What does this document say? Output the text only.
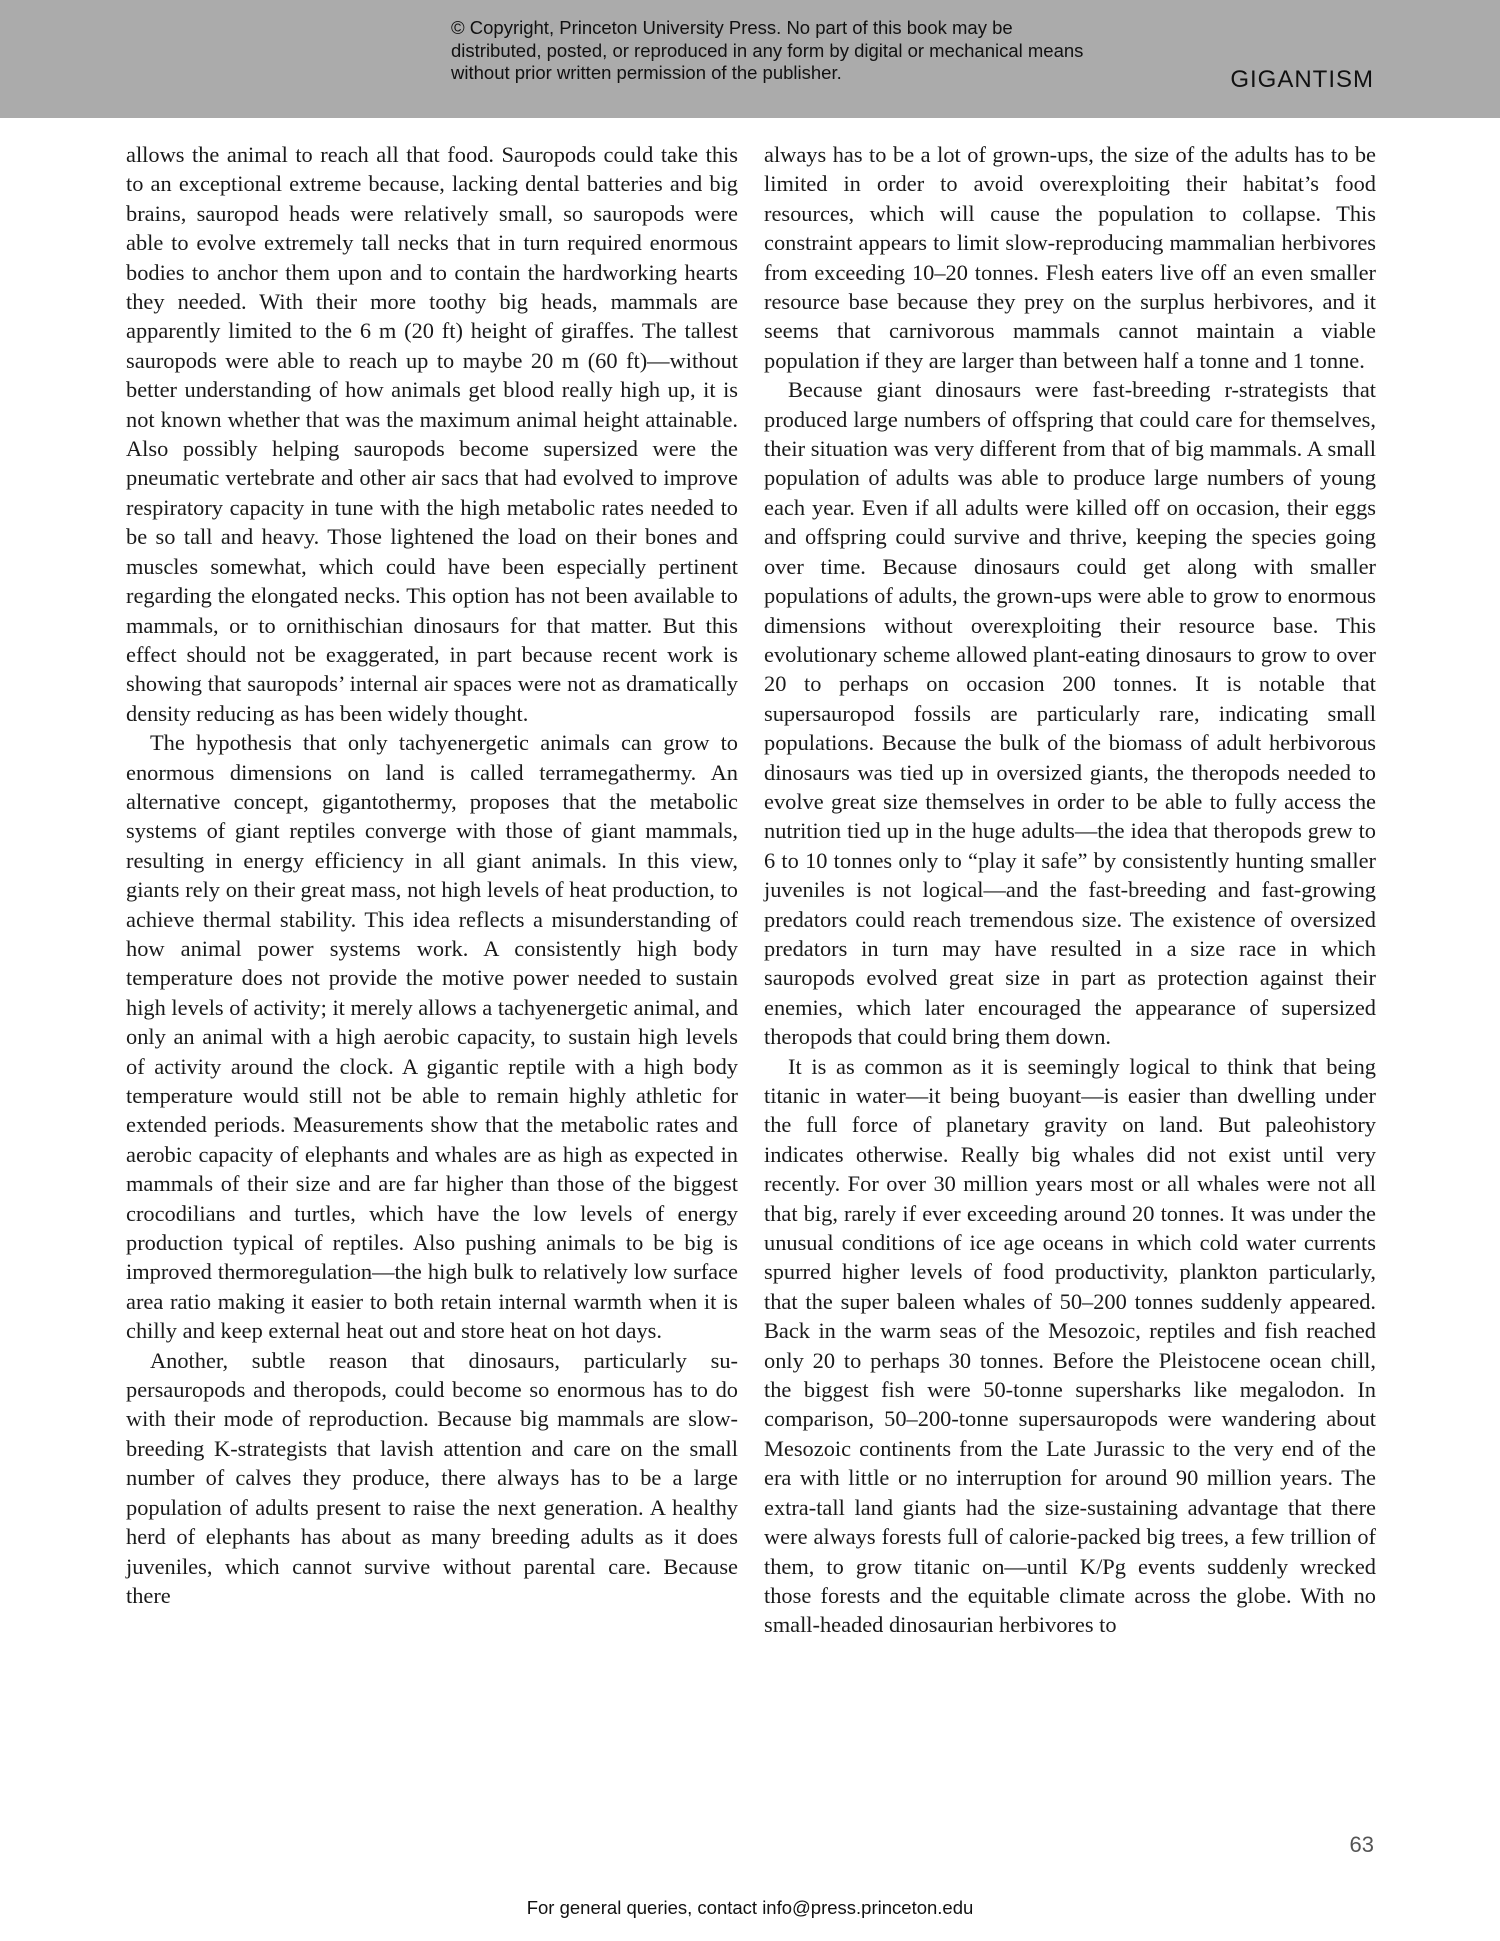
© Copyright, Princeton University Press. No part of this book may be distributed, posted, or reproduced in any form by digital or mechanical means without prior written permission of the publisher.	GIGANTISM

allows the animal to reach all that food. Sauropods could take this to an exceptional extreme because, lacking dental batteries and big brains, sauropod heads were relatively small, so sauropods were able to evolve extremely tall necks that in turn required enormous bodies to anchor them upon and to contain the hardworking hearts they needed. With their more toothy big heads, mammals are apparently limited to the 6 m (20 ft) height of giraffes. The tallest sauropods were able to reach up to maybe 20 m (60 ft)—without better understanding of how animals get blood really high up, it is not known whether that was the maximum animal height attainable. Also possibly helping sauropods become supersized were the pneumatic vertebrate and other air sacs that had evolved to improve respiratory capacity in tune with the high metabolic rates needed to be so tall and heavy. Those lightened the load on their bones and muscles somewhat, which could have been especially pertinent regarding the elongated necks. This option has not been available to mammals, or to ornithischian dinosaurs for that matter. But this effect should not be exaggerated, in part because recent work is showing that sauropods’ internal air spaces were not as dramatically density reducing as has been widely thought.

The hypothesis that only tachyenergetic animals can grow to enormous dimensions on land is called terramegathermy. An alternative concept, gigantothermy, proposes that the metabolic systems of giant reptiles converge with those of giant mammals, resulting in energy efficiency in all giant animals. In this view, giants rely on their great mass, not high levels of heat production, to achieve thermal stability. This idea reflects a misunderstanding of how animal power systems work. A consistently high body temperature does not provide the motive power needed to sustain high levels of activity; it merely allows a tachyenergetic animal, and only an animal with a high aerobic capacity, to sustain high levels of activity around the clock. A gigantic reptile with a high body temperature would still not be able to remain highly athletic for extended periods. Measurements show that the metabolic rates and aerobic capacity of elephants and whales are as high as expected in mammals of their size and are far higher than those of the biggest crocodilians and turtles, which have the low levels of energy production typical of reptiles. Also pushing animals to be big is improved thermoregulation—the high bulk to relatively low surface area ratio making it easier to both retain internal warmth when it is chilly and keep external heat out and store heat on hot days.

Another, subtle reason that dinosaurs, particularly supersauropods and theropods, could become so enormous has to do with their mode of reproduction. Because big mammals are slow-breeding K-strategists that lavish attention and care on the small number of calves they produce, there always has to be a large population of adults present to raise the next generation. A healthy herd of elephants has about as many breeding adults as it does juveniles, which cannot survive without parental care. Because there

always has to be a lot of grown-ups, the size of the adults has to be limited in order to avoid overexploiting their habitat’s food resources, which will cause the population to collapse. This constraint appears to limit slow-reproducing mammalian herbivores from exceeding 10–20 tonnes. Flesh eaters live off an even smaller resource base because they prey on the surplus herbivores, and it seems that carnivorous mammals cannot maintain a viable population if they are larger than between half a tonne and 1 tonne.

Because giant dinosaurs were fast-breeding r-strategists that produced large numbers of offspring that could care for themselves, their situation was very different from that of big mammals. A small population of adults was able to produce large numbers of young each year. Even if all adults were killed off on occasion, their eggs and offspring could survive and thrive, keeping the species going over time. Because dinosaurs could get along with smaller populations of adults, the grown-ups were able to grow to enormous dimensions without overexploiting their resource base. This evolutionary scheme allowed plant-eating dinosaurs to grow to over 20 to perhaps on occasion 200 tonnes. It is notable that supersauropod fossils are particularly rare, indicating small populations. Because the bulk of the biomass of adult herbivorous dinosaurs was tied up in oversized giants, the theropods needed to evolve great size themselves in order to be able to fully access the nutrition tied up in the huge adults—the idea that theropods grew to 6 to 10 tonnes only to “play it safe” by consistently hunting smaller juveniles is not logical—and the fast-breeding and fast-growing predators could reach tremendous size. The existence of oversized predators in turn may have resulted in a size race in which sauropods evolved great size in part as protection against their enemies, which later encouraged the appearance of supersized theropods that could bring them down.

It is as common as it is seemingly logical to think that being titanic in water—it being buoyant—is easier than dwelling under the full force of planetary gravity on land. But paleohistory indicates otherwise. Really big whales did not exist until very recently. For over 30 million years most or all whales were not all that big, rarely if ever exceeding around 20 tonnes. It was under the unusual conditions of ice age oceans in which cold water currents spurred higher levels of food productivity, plankton particularly, that the super baleen whales of 50–200 tonnes suddenly appeared. Back in the warm seas of the Mesozoic, reptiles and fish reached only 20 to perhaps 30 tonnes. Before the Pleistocene ocean chill, the biggest fish were 50-tonne supersharks like megalodon. In comparison, 50–200-tonne supersauropods were wandering about Mesozoic continents from the Late Jurassic to the very end of the era with little or no interruption for around 90 million years. The extra-tall land giants had the size-sustaining advantage that there were always forests full of calorie-packed big trees, a few trillion of them, to grow titanic on—until K/Pg events suddenly wrecked those forests and the equitable climate across the globe. With no small-headed dinosaurian herbivores to

63

For general queries, contact info@press.princeton.edu
